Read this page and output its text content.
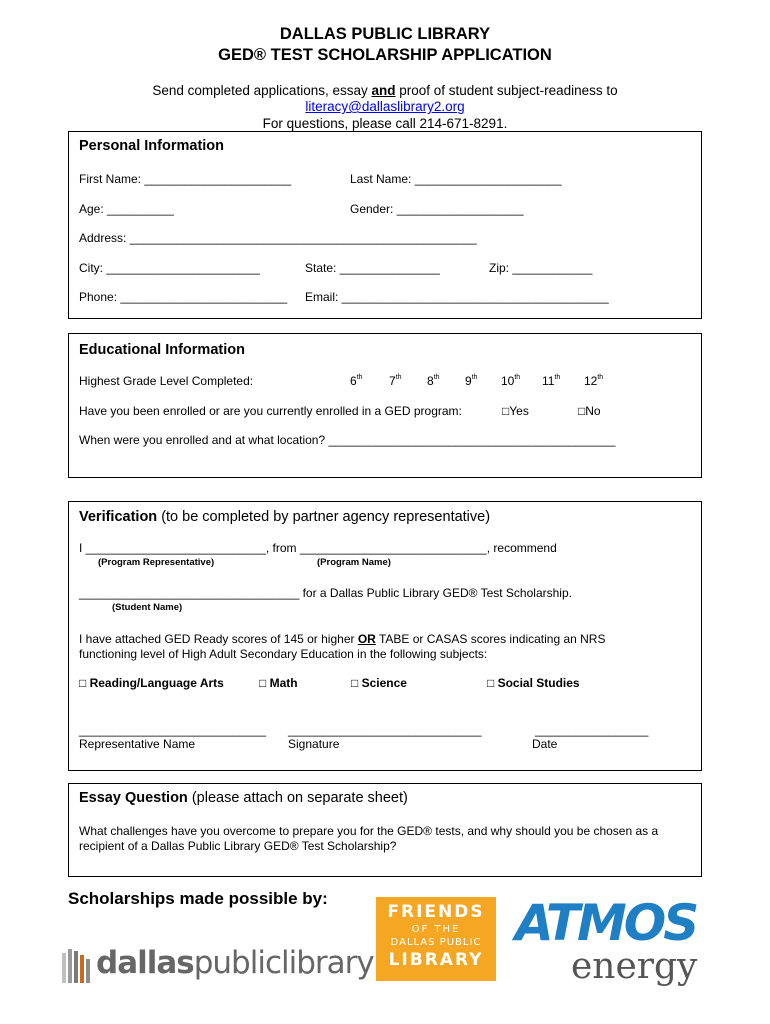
DALLAS PUBLIC LIBRARY
GED® TEST SCHOLARSHIP APPLICATION
Send completed applications, essay and proof of student subject-readiness to
literacy@dallaslibrary2.org
For questions, please call 214-671-8291.
Personal Information
First Name: ______________________	Last Name: ______________________
Age: __________	Gender: ___________________
Address: ____________________________________________________
City: _______________________	State: _______________	Zip: ____________
Phone: _________________________ Email: ________________________________________
Educational Information
Highest Grade Level Completed:	6th 7th 8th 9th 10th 11th 12th
Have you been enrolled or are you currently enrolled in a GED program:	□Yes	□No
When were you enrolled and at what location? ___________________________________________
Verification (to be completed by partner agency representative)
I ___________________________, from ____________________________, recommend
(Program Representative)	(Program Name)
_________________________________ for a Dallas Public Library GED® Test Scholarship.
(Student Name)
I have attached GED Ready scores of 145 or higher OR TABE or CASAS scores indicating an NRS
functioning level of High Adult Secondary Education in the following subjects:
□ Reading/Language Arts	□ Math	□ Science	□ Social Studies
____________________________ _____________________________	_________________
Representative Name	Signature	Date
Essay Question (please attach on separate sheet)
What challenges have you overcome to prepare you for the GED® tests, and why should you be chosen as a
recipient of a Dallas Public Library GED® Test Scholarship?
Scholarships made possible by:
dallaspubliclibrary
FRIENDS
OF THE
DALLAS PUBLIC
LIBRARY
ATMOS
energy
